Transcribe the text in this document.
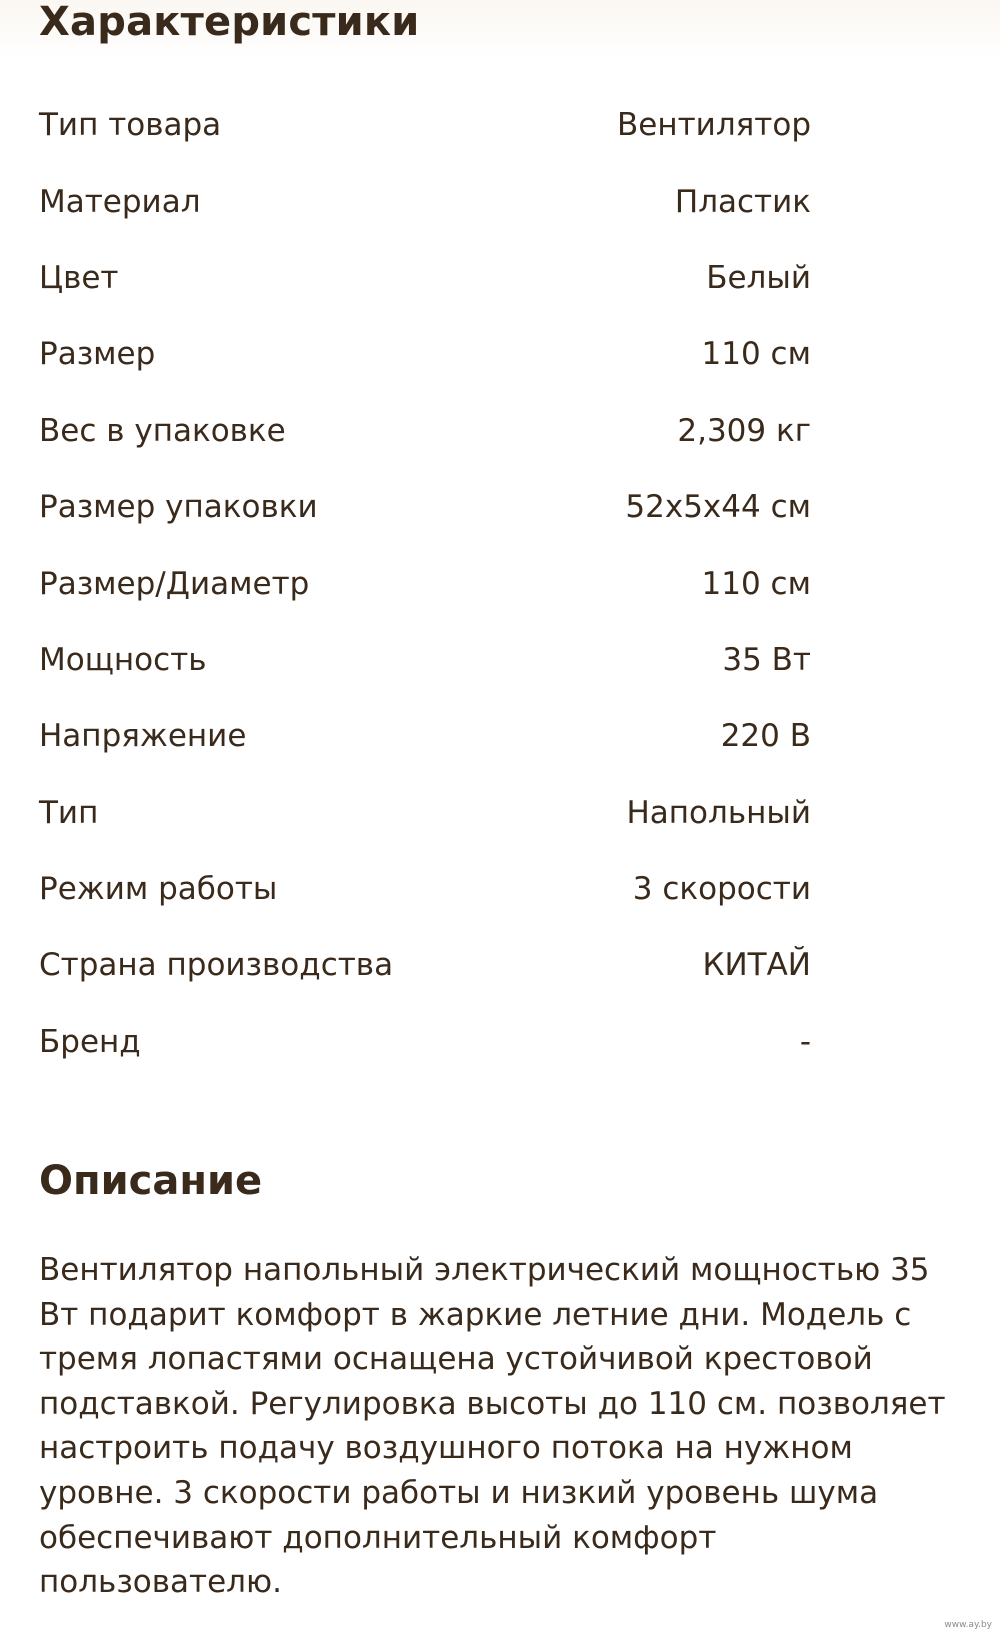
Характеристики
Тип товара	Вентилятор
Материал	Пластик
Цвет	Белый
Размер	110 см
Вес в упаковке	2,309 кг
Размер упаковки	52x5x44 см
Размер/Диаметр	110 см
Мощность	35 Вт
Напряжение	220 В
Тип	Напольный
Режим работы	3 скорости
Страна производства	КИТАЙ
Бренд	-
Описание

Вентилятор напольный электрический мощностью 35 Вт подарит комфорт в жаркие летние дни. Модель с тремя лопастями оснащена устойчивой крестовой подставкой. Регулировка высоты до 110 см. позволяет настроить подачу воздушного потока на нужном уровне. 3 скорости работы и низкий уровень шума обеспечивают дополнительный комфорт пользователю.

www.ay.by
